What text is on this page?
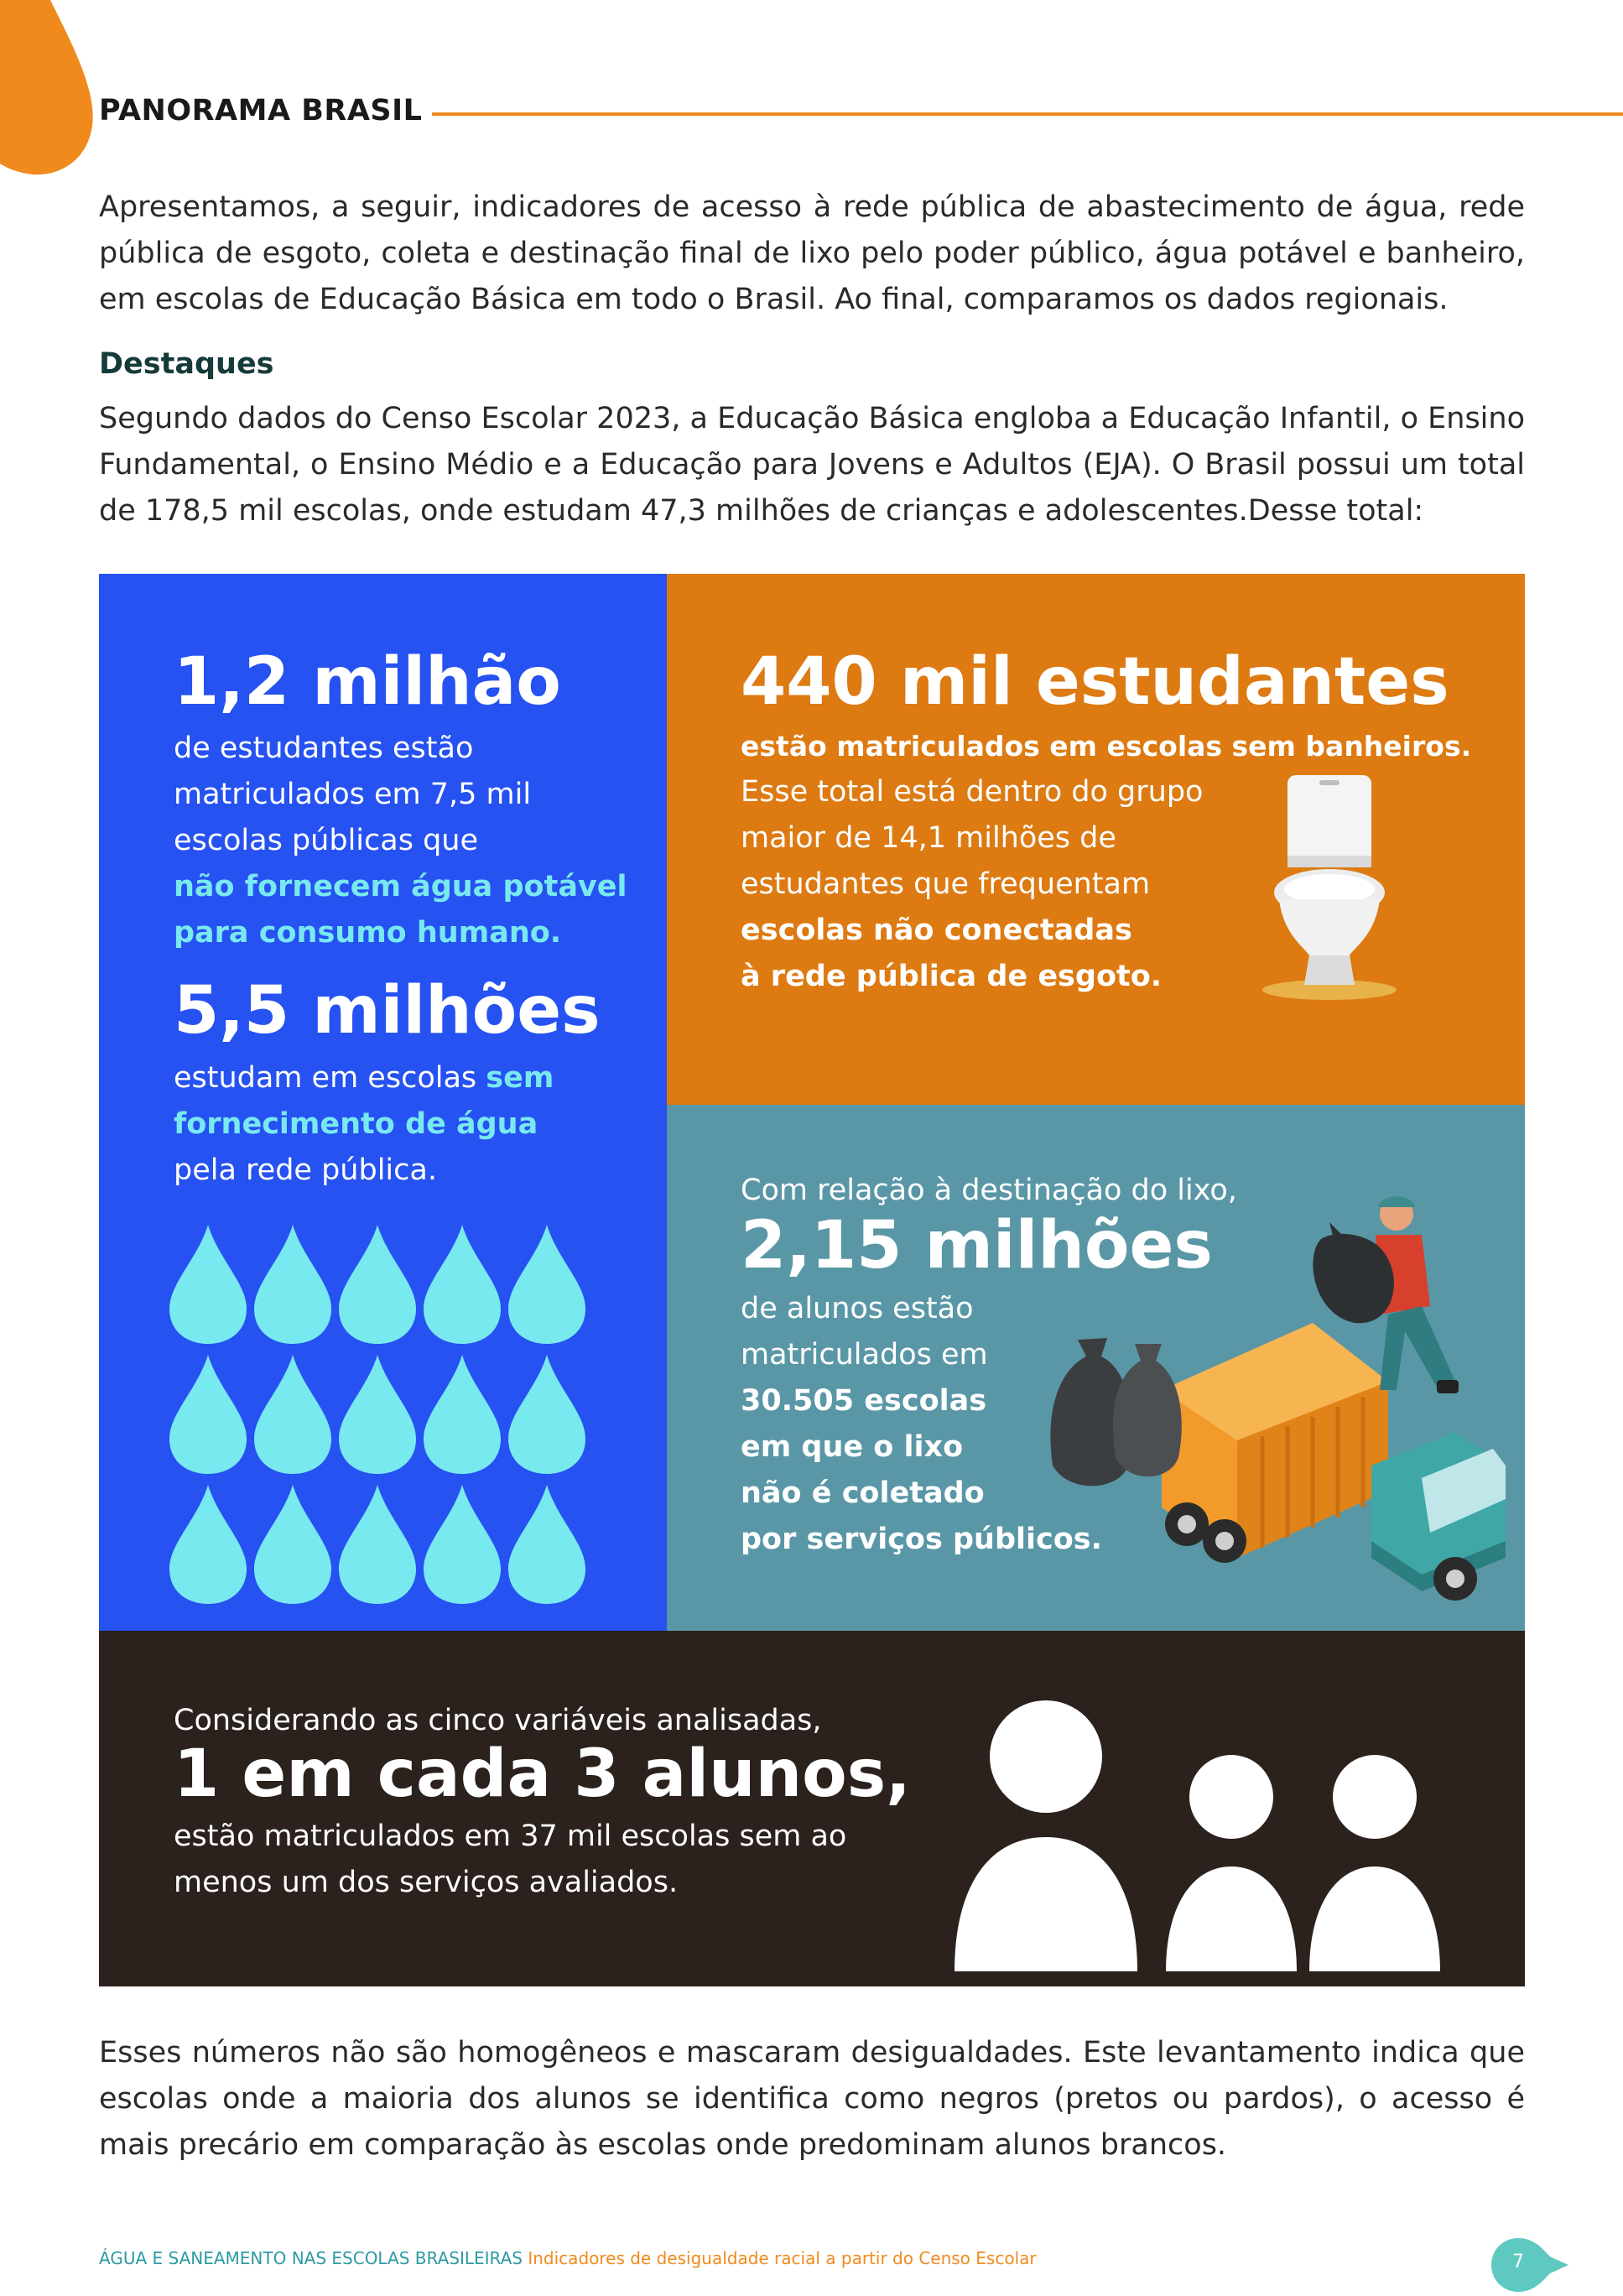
PANORAMA BRASIL

Apresentamos, a seguir, indicadores de acesso à rede pública de abastecimento de água, rede pública de esgoto, coleta e destinação final de lixo pelo poder público, água potável e banheiro, em escolas de Educação Básica em todo o Brasil. Ao final, comparamos os dados regionais.

Destaques

Segundo dados do Censo Escolar 2023, a Educação Básica engloba a Educação Infantil, o Ensino Fundamental, o Ensino Médio e a Educação para Jovens e Adultos (EJA). O Brasil possui um total de 178,5 mil escolas, onde estudam 47,3 milhões de crianças e adolescentes.Desse total:

1,2 milhão

de estudantes estão
matriculados em 7,5 mil
escolas públicas que
não fornecem água potável
para consumo humano.

5,5 milhões

estudam em escolas sem
fornecimento de água
pela rede pública.

440 mil estudantes

estão matriculados em escolas sem banheiros.

Esse total está dentro do grupo
maior de 14,1 milhões de
estudantes que frequentam
escolas não conectadas
à rede pública de esgoto.

Com relação à destinação do lixo,

2,15 milhões

de alunos estão
matriculados em
30.505 escolas
em que o lixo
não é coletado
por serviços públicos.

Considerando as cinco variáveis analisadas,

1 em cada 3 alunos,

estão matriculados em 37 mil escolas sem ao
menos um dos serviços avaliados.

Esses números não são homogêneos e mascaram desigualdades. Este levantamento indica que escolas onde a maioria dos alunos se identifica como negros (pretos ou pardos), o acesso é mais precário em comparação às escolas onde predominam alunos brancos.

ÁGUA E SANEAMENTO NAS ESCOLAS BRASILEIRAS Indicadores de desigualdade racial a partir do Censo Escolar	7
